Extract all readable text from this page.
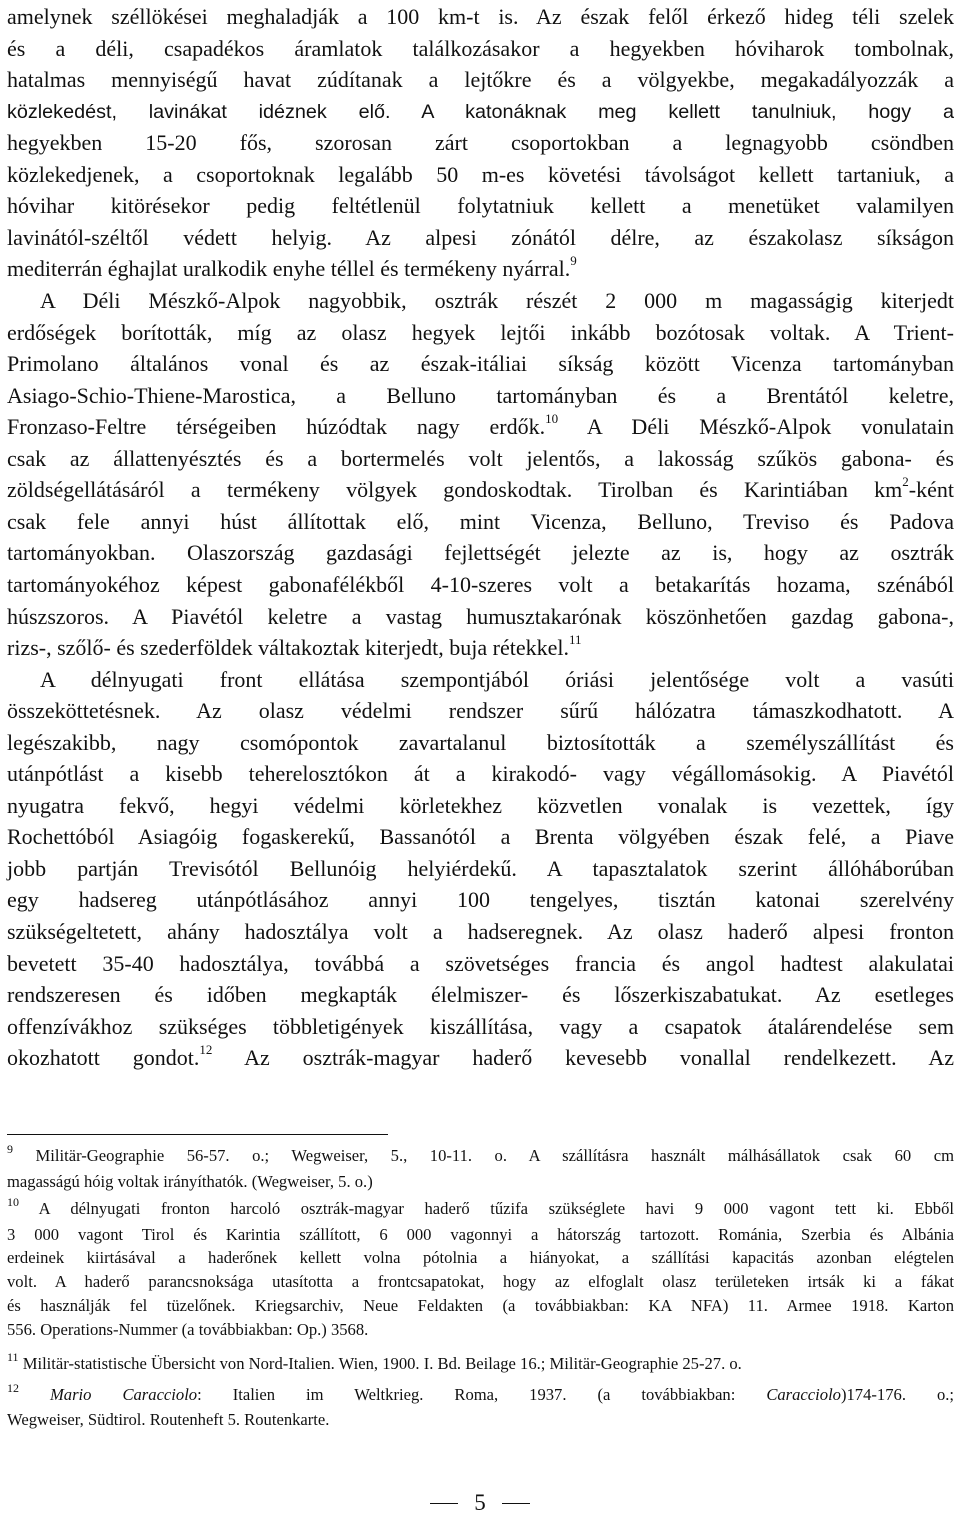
amelynek széllökései meghaladják a 100 km-t is. Az észak felől érkező hideg téli szelek
és a déli, csapadékos áramlatok találkozásakor a hegyekben hóviharok tombolnak,
hatalmas mennyiségű havat zúdítanak a lejtőkre és a völgyekbe, megakadályozzák a
közlekedést, lavinákat idéznek elő. A katonáknak meg kellett tanulniuk, hogy a
hegyekben 15-20 fős, szorosan zárt csoportokban a legnagyobb csöndben
közlekedjenek, a csoportoknak legalább 50 m-es követési távolságot kellett tartaniuk, a
hóvihar kitörésekor pedig feltétlenül folytatniuk kellett a menetüket valamilyen
lavinától-széltől védett helyig. Az alpesi zónától délre, az északolasz síkságon
mediterrán éghajlat uralkodik enyhe téllel és termékeny nyárral.$^9$
A Déli Mészkő-Alpok nagyobbik, osztrák részét 2 000 m magasságig kiterjedt
erdőségek borították, míg az olasz hegyek lejtői inkább bozótosak voltak. A Trient-
Primolano általános vonal és az észak-itáliai síkság között Vicenza tartományban
Asiago-Schio-Thiene-Marostica, a Belluno tartományban és a Brentától keletre,
Fronzaso-Feltre térségeiben húzódtak nagy erdők.$^{10}$ A Déli Mészkő-Alpok vonulatain
csak az állattenyésztés és a bortermelés volt jelentős, a lakosság szűkös gabona- és
zöldségellátásáról a termékeny völgyek gondoskodtak. Tirolban és Karintiában km$^2$-ként
csak fele annyi húst állítottak elő, mint Vicenza, Belluno, Treviso és Padova
tartományokban. Olaszország gazdasági fejlettségét jelezte az is, hogy az osztrák
tartományokéhoz képest gabonafélékből 4-10-szeres volt a betakarítás hozama, szénából
húszszoros. A Piavétól keletre a vastag humusztakarónak köszönhetően gazdag gabona-,
rizs-, szőlő- és szederföldek váltakoztak kiterjedt, buja rétekkel.$^{11}$
A délnyugati front ellátása szempontjából óriási jelentősége volt a vasúti
összeköttetésnek. Az olasz védelmi rendszer sűrű hálózatra támaszkodhatott. A
legészakibb, nagy csomópontok zavartalanul biztosították a személyszállítást és
utánpótlást a kisebb teherelosztókon át a kirakodó- vagy végállomásokig. A Piavétól
nyugatra fekvő, hegyi védelmi körletekhez közvetlen vonalak is vezettek, így
Rochettóból Asiagóig fogaskerekű, Bassanótól a Brenta völgyében észak felé, a Piave
jobb partján Trevisótól Bellunóig helyiérdekű. A tapasztalatok szerint állóháborúban
egy hadsereg utánpótlásához annyi 100 tengelyes, tisztán katonai szerelvény
szükségeltetett, ahány hadosztálya volt a hadseregnek. Az olasz haderő alpesi fronton
bevetett 35-40 hadosztálya, továbbá a szövetséges francia és angol hadtest alakulatai
rendszeresen és időben megkapták élelmiszer- és lőszerkiszabatukat. Az esetleges
offenzívákhoz szükséges többletigények kiszállítása, vagy a csapatok átalárendelése sem
okozhatott gondot.$^{12}$ Az osztrák-magyar haderő kevesebb vonallal rendelkezett. Az
$^9$ Militär-Geographie 56-57. o.; Wegweiser, 5., 10-11. o. A szállításra használt málhásállatok csak 60 cm
magasságú hóig voltak irányíthatók. (Wegweiser, 5. o.)
$^{10}$ A délnyugati fronton harcoló osztrák-magyar haderő tűzifa szükséglete havi 9 000 vagont tett ki. Ebből
3 000 vagont Tirol és Karintia szállított, 6 000 vagonnyi a hátország tartozott. Románia, Szerbia és Albánia
erdeinek kiirtásával a haderőnek kellett volna pótolnia a hiányokat, a szállítási kapacitás azonban elégtelen
volt. A haderő parancsnoksága utasította a frontcsapatokat, hogy az elfoglalt olasz területeken irtsák ki a fákat
és használják fel tüzelőnek. Kriegsarchiv, Neue Feldakten (a továbbiakban: KA NFA) 11. Armee 1918. Karton
556. Operations-Nummer (a továbbiakban: Op.) 3568.
$^{11}$ Militär-statistische Übersicht von Nord-Italien. Wien, 1900. I. Bd. Beilage 16.; Militär-Geographie 25-27. o.
$^{12}$ Mario Caracciolo: Italien im Weltkrieg. Roma, 1937. (a továbbiakban: Caracciolo)174-176. o.;
Wegweiser, Südtirol. Routenheft 5. Routenkarte.
5
